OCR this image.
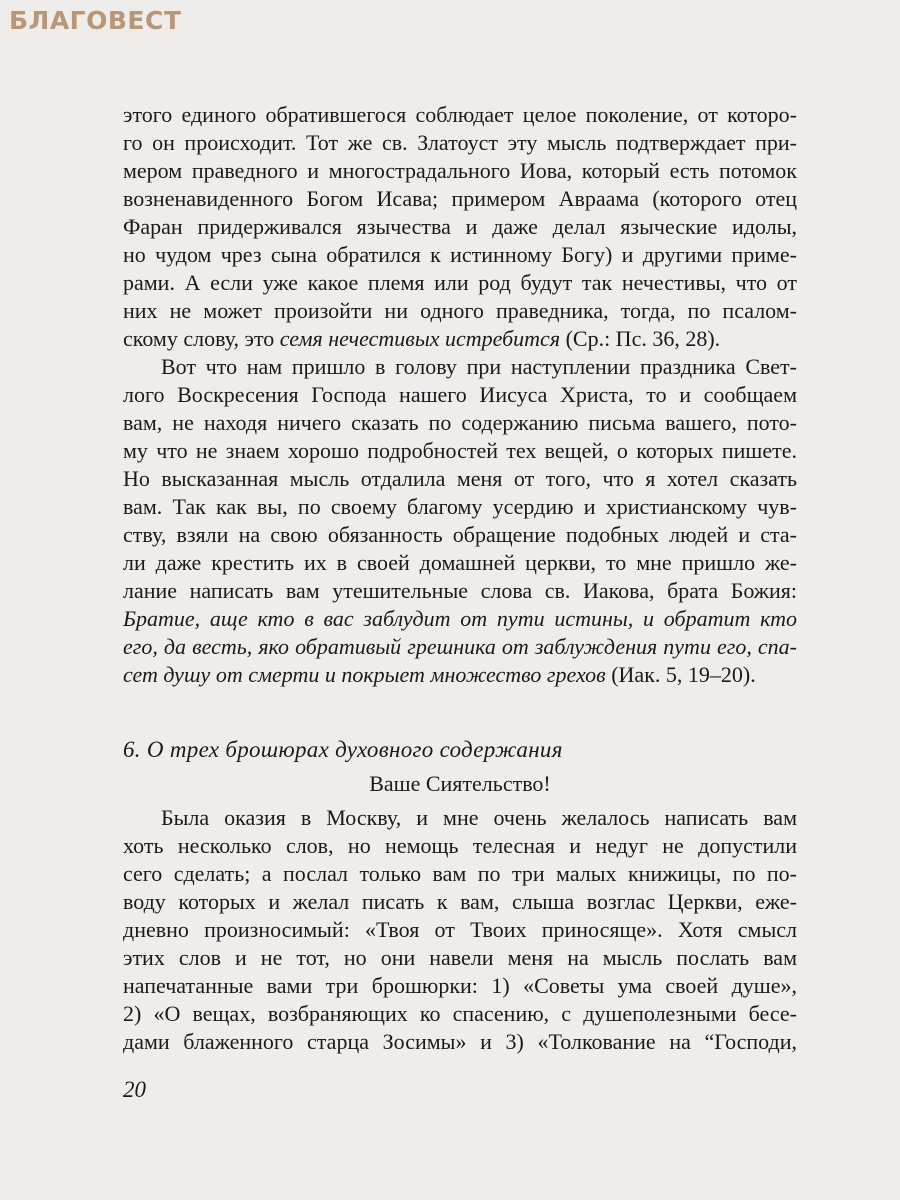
БЛАГОВЕСТ
этого единого обратившегося соблюдает целое поколение, от которо-
го он происходит. Тот же св. Златоуст эту мысль подтверждает при-
мером праведного и многострадального Иова, который есть потомок
возненавиденного Богом Исава; примером Авраама (которого отец
Фаран придерживался язычества и даже делал языческие идолы,
но чудом чрез сына обратился к истинному Богу) и другими приме-
рами. А если уже какое племя или род будут так нечестивы, что от
них не может произойти ни одного праведника, тогда, по псалом-
скому слову, это семя нечестивых истребится (Ср.: Пс. 36, 28).
Вот что нам пришло в голову при наступлении праздника Свет-
лого Воскресения Господа нашего Иисуса Христа, то и сообщаем
вам, не находя ничего сказать по содержанию письма вашего, пото-
му что не знаем хорошо подробностей тех вещей, о которых пишете.
Но высказанная мысль отдалила меня от того, что я хотел сказать
вам. Так как вы, по своему благому усердию и христианскому чув-
ству, взяли на свою обязанность обращение подобных людей и ста-
ли даже крестить их в своей домашней церкви, то мне пришло же-
лание написать вам утешительные слова св. Иакова, брата Божия:
Братие, аще кто в вас заблудит от пути истины, и обратит кто
его, да весть, яко обративый грешника от заблуждения пути его, спа-
сет душу от смерти и покрыет множество грехов (Иак. 5, 19–20).
6. О трех брошюрах духовного содержания
Ваше Сиятельство!
Была оказия в Москву, и мне очень желалось написать вам
хоть несколько слов, но немощь телесная и недуг не допустили
сего сделать; а послал только вам по три малых книжицы, по по-
воду которых и желал писать к вам, слыша возглас Церкви, еже-
дневно произносимый: «Твоя от Твоих приносяще». Хотя смысл
этих слов и не тот, но они навели меня на мысль послать вам
напечатанные вами три брошюрки: 1) «Советы ума своей душе»,
2) «О вещах, возбраняющих ко спасению, с душеполезными бесе-
дами блаженного старца Зосимы» и 3) «Толкование на “Господи,
20
